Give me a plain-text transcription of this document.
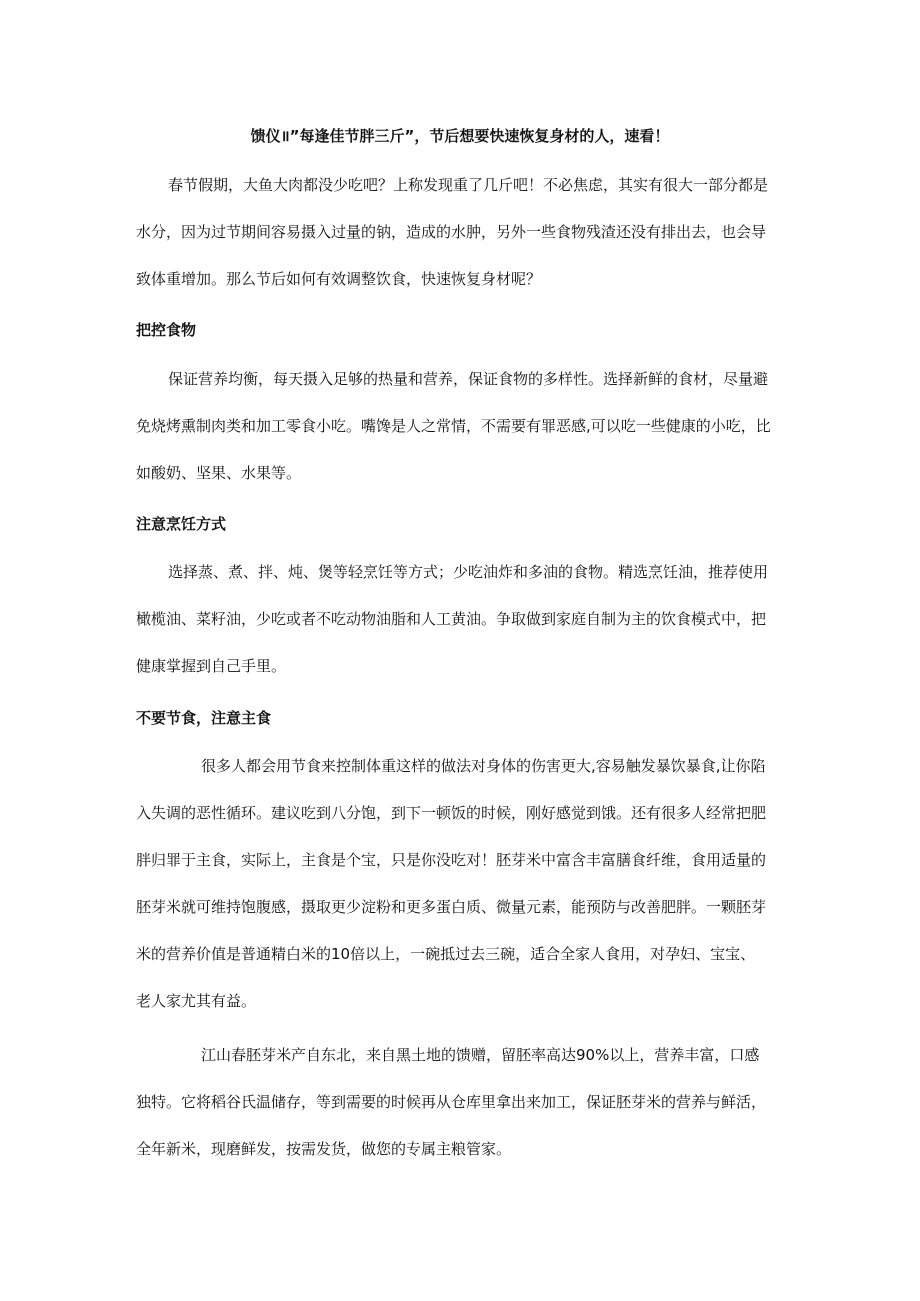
馈仪॥”每逢佳节胖三斤”，节后想要快速恢复身材的人，速看！
春节假期，大鱼大肉都没少吃吧？上称发现重了几斤吧！不必焦虑，其实有很大一部分都是
水分，因为过节期间容易摄入过量的钠，造成的水肿，另外一些食物残渣还没有排出去，也会导
致体重增加。那么节后如何有效调整饮食，快速恢复身材呢？
把控食物
保证营养均衡，每天摄入足够的热量和营养，保证食物的多样性。选择新鲜的食材，尽量避
免烧烤熏制肉类和加工零食小吃。嘴馋是人之常情，不需要有罪恶感,可以吃一些健康的小吃，比
如酸奶、坚果、水果等。
注意烹饪方式
选择蒸、煮、拌、炖、煲等轻烹饪等方式；少吃油炸和多油的食物。精选烹饪油，推荐使用
橄榄油、菜籽油，少吃或者不吃动物油脂和人工黄油。争取做到家庭自制为主的饮食模式中，把
健康掌握到自己手里。
不要节食，注意主食
很多人都会用节食来控制体重这样的做法对身体的伤害更大,容易触发暴饮暴食,让你陷
入失调的恶性循环。建议吃到八分饱，到下一顿饭的时候，刚好感觉到饿。还有很多人经常把肥
胖归罪于主食，实际上，主食是个宝，只是你没吃对！胚芽米中富含丰富膳食纤维，食用适量的
胚芽米就可维持饱腹感，摄取更少淀粉和更多蛋白质、微量元素，能预防与改善肥胖。一颗胚芽
米的营养价值是普通精白米的10倍以上，一碗抵过去三碗，适合全家人食用，对孕妇、宝宝、
老人家尤其有益。
江山春胚芽米产自东北，来自黑土地的馈赠，留胚率高达90%以上，营养丰富，口感
独特。它将稻谷氏温储存，等到需要的时候再从仓库里拿出来加工，保证胚芽米的营养与鲜活，
全年新米，现磨鲜发，按需发货，做您的专属主粮管家。
